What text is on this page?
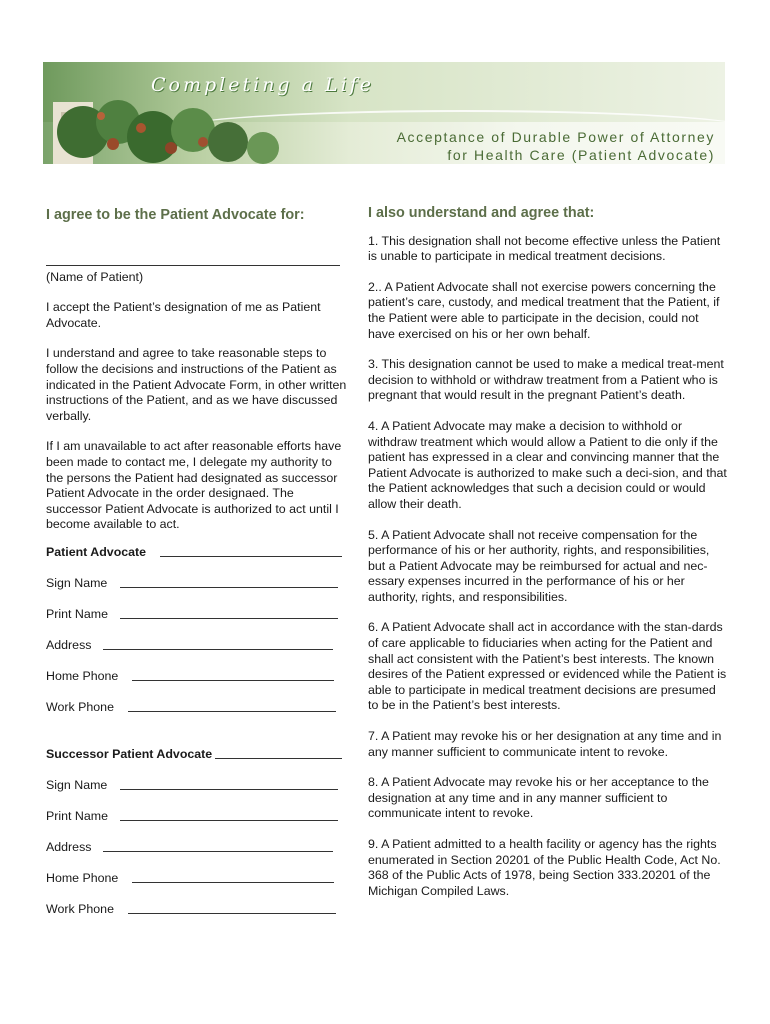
Completing a Life
Acceptance of Durable Power of Attorney
for Health Care (Patient Advocate)
I agree to be the Patient Advocate for:

(Name of Patient)

I accept the Patient’s designation of me as Patient Advocate.

I understand and agree to take reasonable steps to follow the decisions and instructions of the Patient as indicated in the Patient Advocate Form, in other written instructions of the Patient, and as we have discussed verbally.

If I am unavailable to act after reasonable efforts have been made to contact me, I delegate my authority to the persons the Patient had designated as successor Patient Advocate in the order designaed. The successor Patient Advocate is authorized to act until I become available to act.

Patient Advocate
Sign Name
Print Name
Address
Home Phone
Work Phone
Successor Patient Advocate
Sign Name
Print Name
Address
Home Phone
Work Phone
I also understand and agree that:

1. This designation shall not become effective unless the Patient is unable to participate in medical treatment decisions.

2.. A Patient Advocate shall not exercise powers concerning the patient’s care, custody, and medical treatment that the Patient, if the Patient were able to participate in the decision, could not have exercised on his or her own behalf.

3. This designation cannot be used to make a medical treat-ment decision to withhold or withdraw treatment from a Patient who is pregnant that would result in the pregnant Patient’s death.

4. A Patient Advocate may make a decision to withhold or withdraw treatment which would allow a Patient to die only if the patient has expressed in a clear and convincing manner that the Patient Advocate is authorized to make such a deci-sion, and that the Patient acknowledges that such a decision could or would allow their death.

5. A Patient Advocate shall not receive compensation for the performance of his or her authority, rights, and responsibilities, but a Patient Advocate may be reimbursed for actual and nec-essary expenses incurred in the performance of his or her authority, rights, and responsibilities.

6. A Patient Advocate shall act in accordance with the stan-dards of care applicable to fiduciaries when acting for the Patient and shall act consistent with the Patient’s best interests. The known desires of the Patient expressed or evidenced while the Patient is able to participate in medical treatment decisions are presumed to be in the Patient’s best interests.

7. A Patient may revoke his or her designation at any time and in any manner sufficient to communicate intent to revoke.

8. A Patient Advocate may revoke his or her acceptance to the designation at any time and in any manner sufficient to communicate intent to revoke.

9. A Patient admitted to a health facility or agency has the rights enumerated in Section 20201 of the Public Health Code, Act No. 368 of the Public Acts of 1978, being Section 333.20201 of the Michigan Compiled Laws.
